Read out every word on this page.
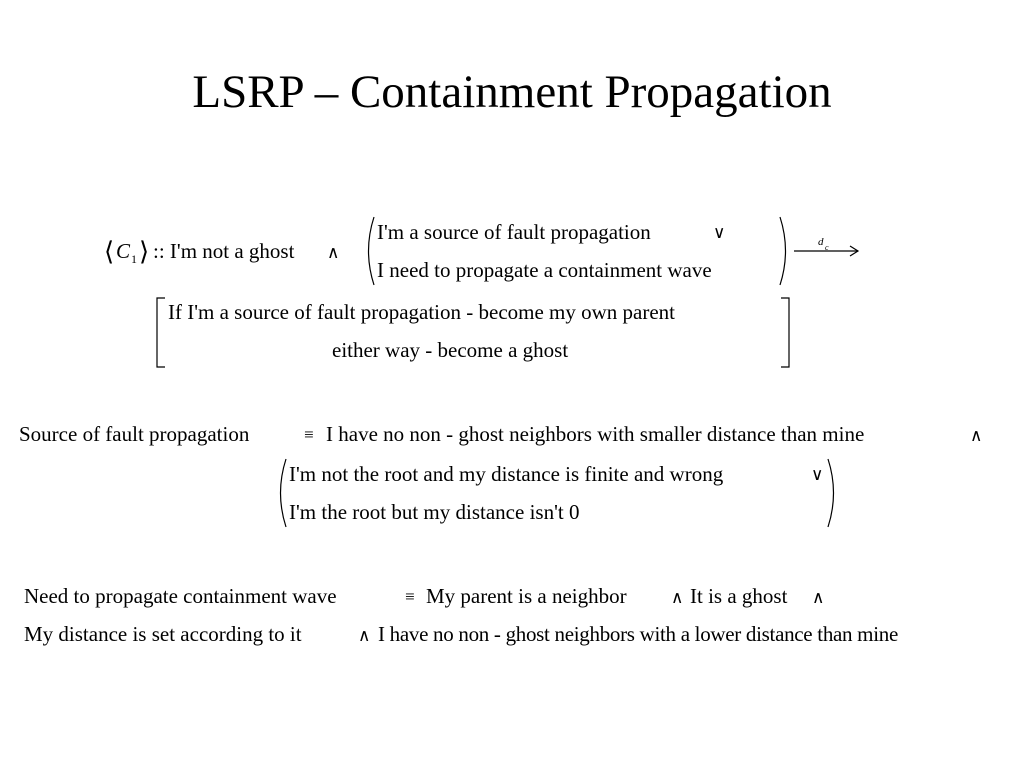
LSRP – Containment Propagation
⟨ C 1 ⟩ :: I'm not a ghost ∧
I'm a source of fault propagation	∨
I need to propagate a containment wave
d c
If I'm a source of fault propagation - become my own parent
either way - become a ghost
Source of fault propagation	≡ I have no non - ghost neighbors with smaller distance than mine	∧
I'm not the root and my distance is finite and wrong	∨
I'm the root but my distance isn't 0
Need to propagate containment wave	≡ My parent is a neighbor	∧ It is a ghost ∧
My distance is set according to it	∧ I have no non - ghost neighbors with a lower distance than mine
